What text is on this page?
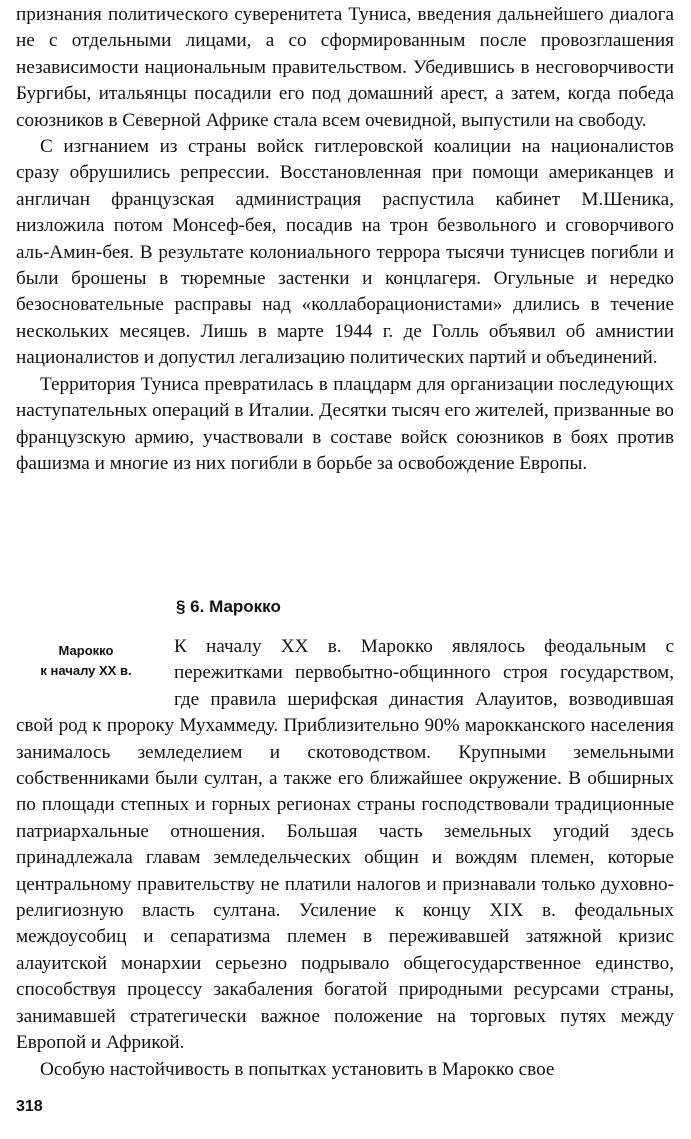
признания политического суверенитета Туниса, введения дальнейшего диалога не с отдельными лицами, а со сформированным после провозглашения независимости национальным правительством. Убедившись в несговорчивости Бургибы, итальянцы посадили его под домашний арест, а затем, когда победа союзников в Северной Африке стала всем очевидной, выпустили на свободу.

С изгнанием из страны войск гитлеровской коалиции на националистов сразу обрушились репрессии. Восстановленная при помощи американцев и англичан французская администрация распустила кабинет М.Шеника, низложила потом Монсеф-бея, посадив на трон безвольного и сговорчивого аль-Амин-бея. В результате колониального террора тысячи тунисцев погибли и были брошены в тюремные застенки и концлагеря. Огульные и нередко безосновательные расправы над «коллаборационистами» длились в течение нескольких месяцев. Лишь в марте 1944 г. де Голль объявил об амнистии националистов и допустил легализацию политических партий и объединений.

Территория Туниса превратилась в плацдарм для организации последующих наступательных операций в Италии. Десятки тысяч его жителей, призванные во французскую армию, участвовали в составе войск союзников в боях против фашизма и многие из них погибли в борьбе за освобождение Европы.

§ 6. Марокко
Марокко
к началу XX в.

К началу XX в. Марокко являлось феодальным с пережитками первобытно-общинного строя государством, где правила шерифская династия Алауитов, возводившая свой род к пророку Мухаммеду. Приблизительно 90% марокканского населения занималось земледелием и скотоводством. Крупными земельными собственниками были султан, а также его ближайшее окружение. В обширных по площади степных и горных регионах страны господствовали традиционные патриархальные отношения. Большая часть земельных угодий здесь принадлежала главам земледельческих общин и вождям племен, которые центральному правительству не платили налогов и признавали только духовно-религиозную власть султана. Усиление к концу XIX в. феодальных междоусобиц и сепаратизма племен в переживавшей затяжной кризис алауитской монархии серьезно подрывало общегосударственное единство, способствуя процессу закабаления богатой природными ресурсами страны, занимавшей стратегически важное положение на торговых путях между Европой и Африкой.

Особую настойчивость в попытках установить в Марокко свое

318
